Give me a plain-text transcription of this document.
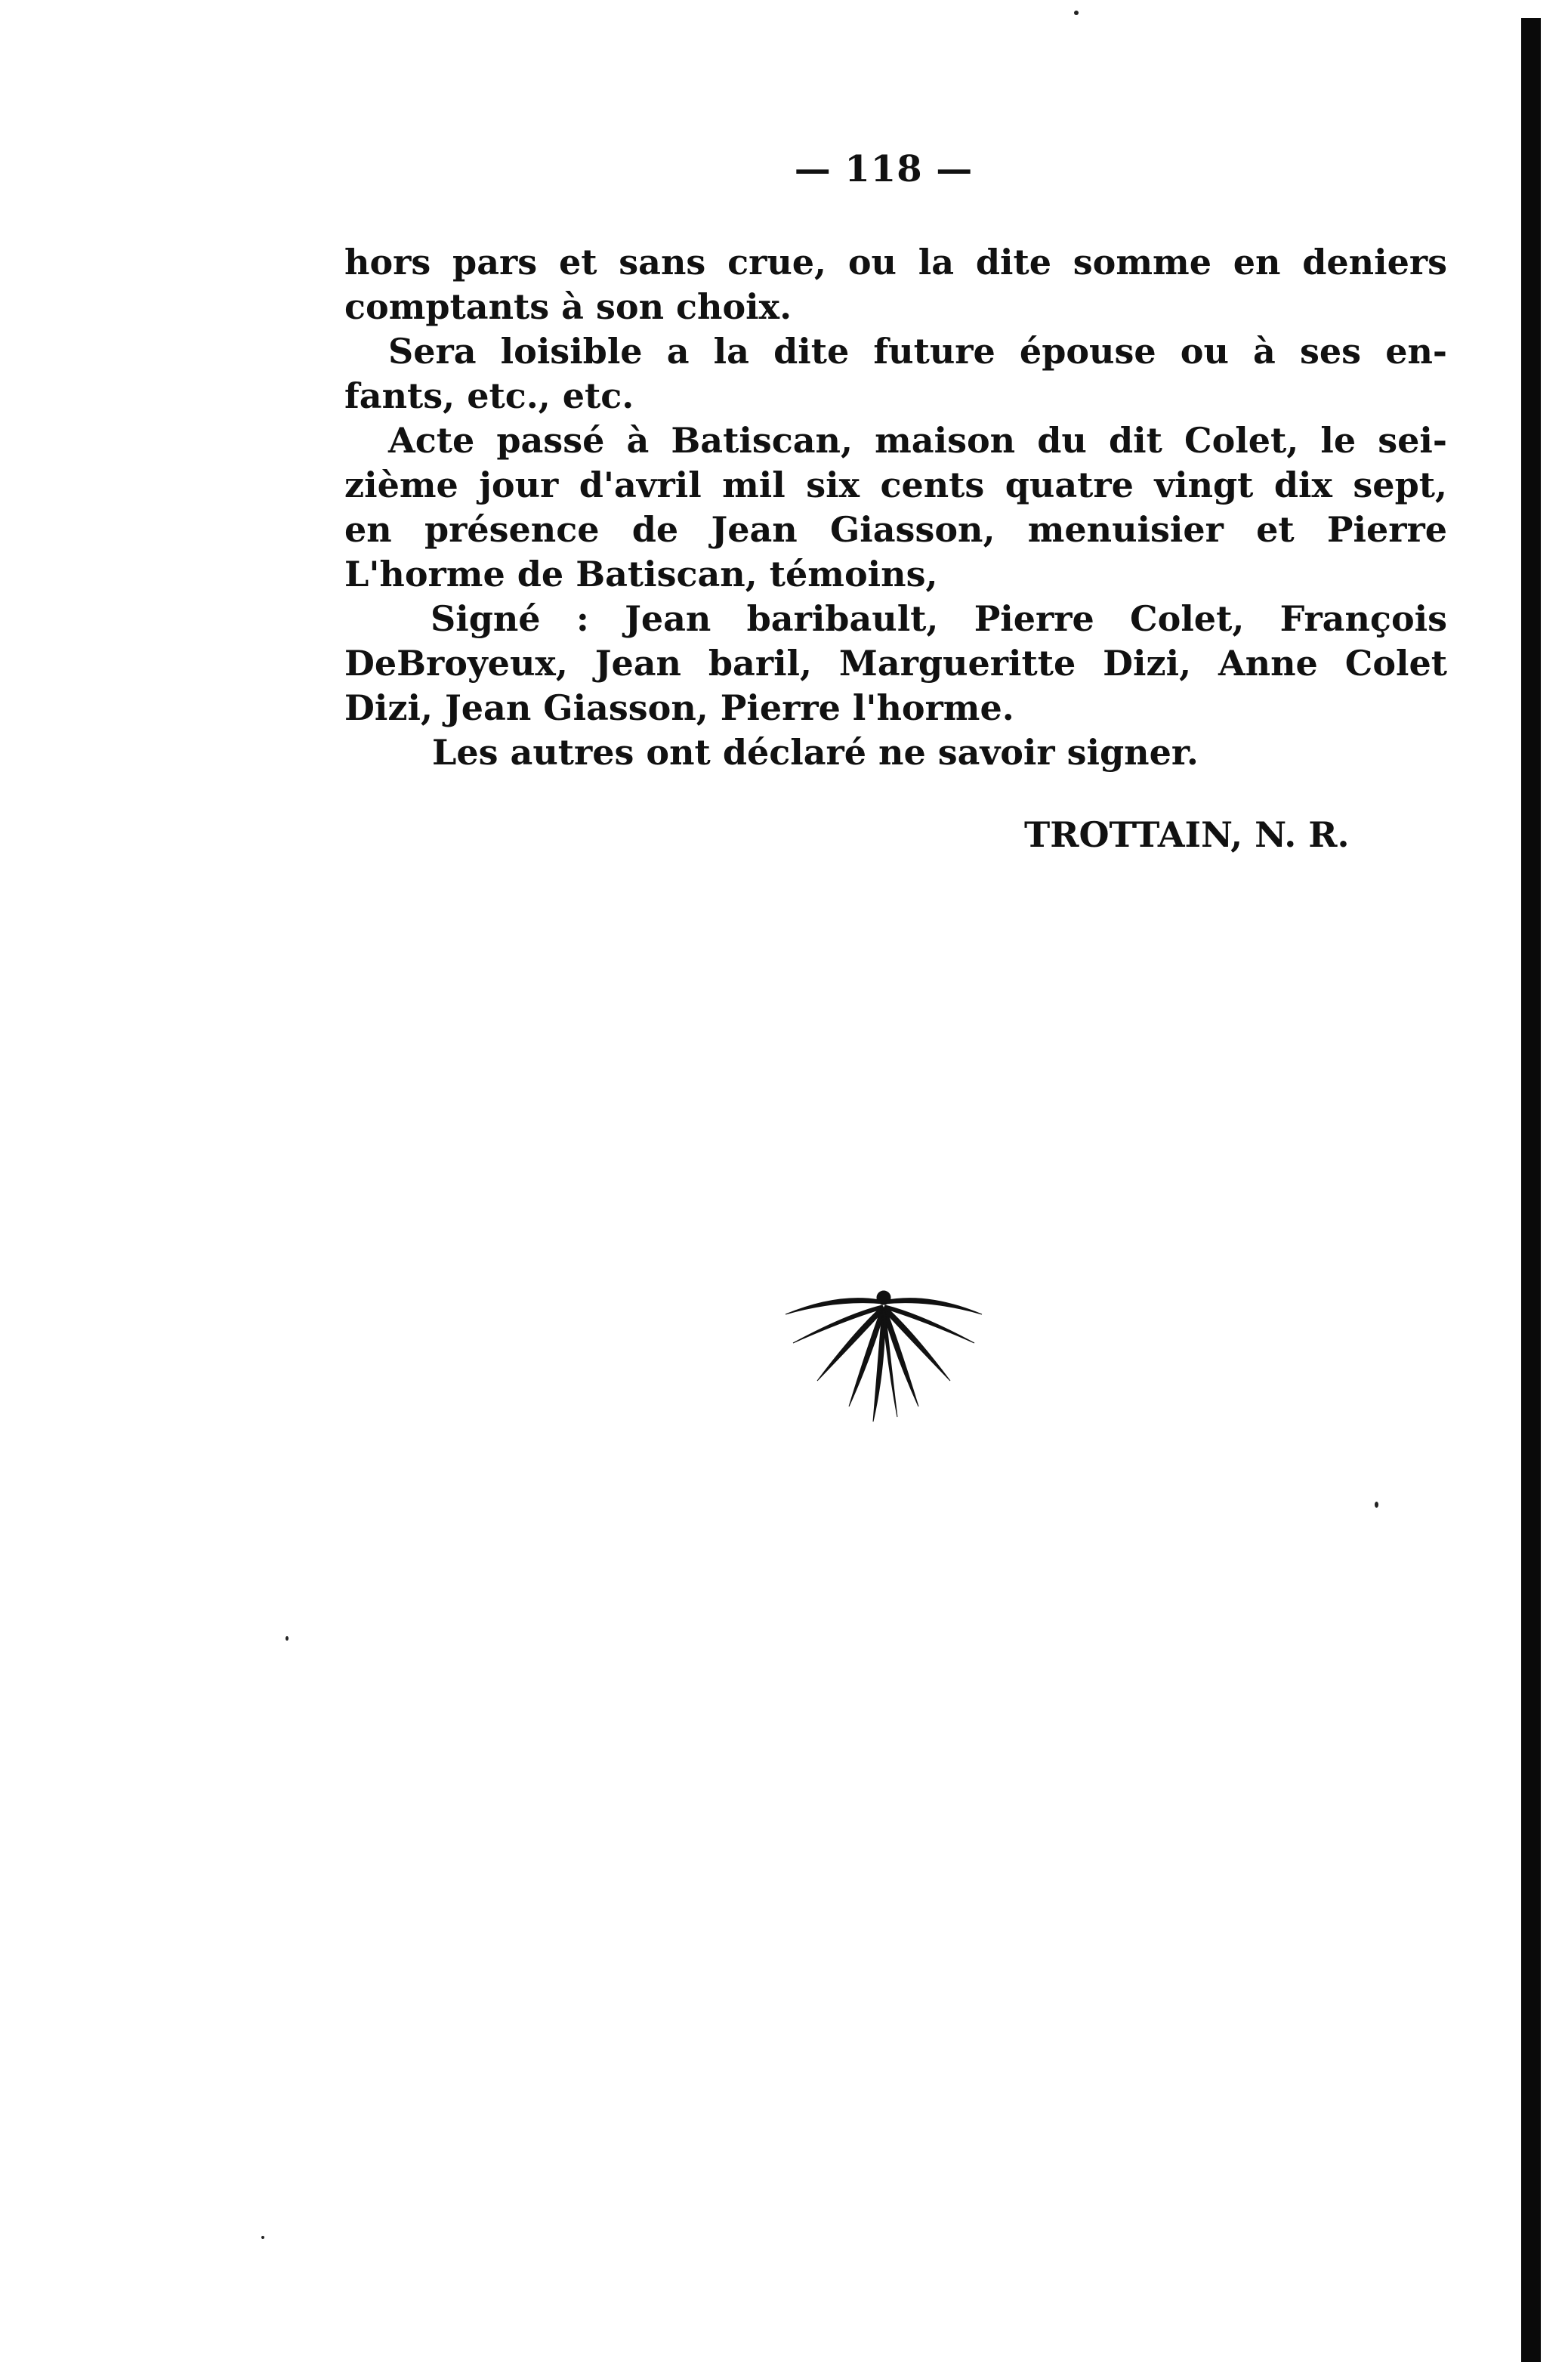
— 118 —
hors pars et sans crue, ou la dite somme en deniers
comptants à son choix.
Sera loisible a la dite future épouse ou à ses en-
fants, etc., etc.
Acte passé à Batiscan, maison du dit Colet, le sei-
zième jour d'avril mil six cents quatre vingt dix sept,
en présence de Jean Giasson, menuisier et Pierre
L'horme de Batiscan, témoins,
Signé : Jean baribault, Pierre Colet, François
DeBroyeux, Jean baril, Margueritte Dizi, Anne Colet
Dizi, Jean Giasson, Pierre l'horme.
Les autres ont déclaré ne savoir signer.
TROTTAIN, N. R.
